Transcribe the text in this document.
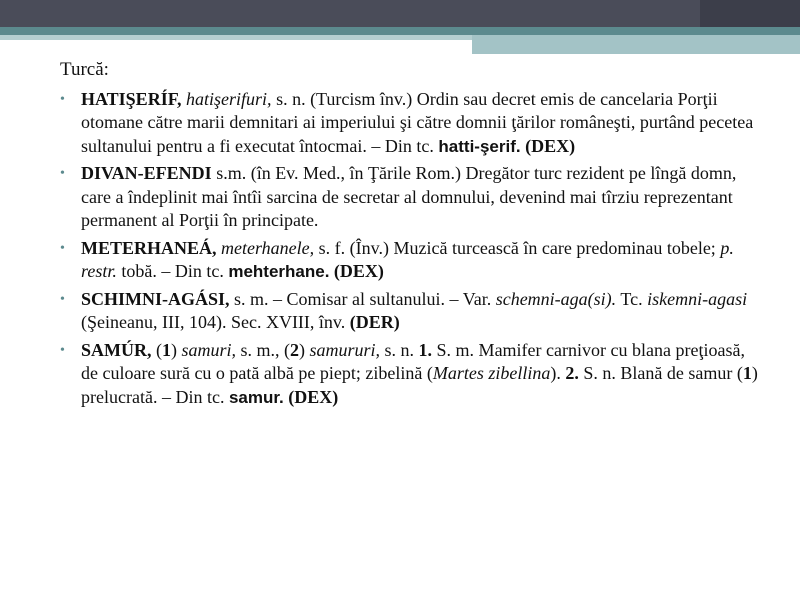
Turcă:
• HATIŞERÍF, hatişerifuri, s. n. (Turcism înv.) Ordin sau decret emis de cancelaria Porţii otomane către marii demnitari ai imperiului şi către domnii ţărilor româneşti, purtând pecetea sultanului pentru a fi executat întocmai. – Din tc. hatti-şerif. (DEX)
• DIVAN-EFENDI s.m. (în Ev. Med., în Ţările Rom.) Dregător turc rezident pe lîngă domn, care a îndeplinit mai întîi sarcina de secretar al domnului, devenind mai tîrziu reprezentant permanent al Porţii în principate.
• METERHANEÁ, meterhanele, s. f. (Înv.) Muzică turcească în care predominau tobele; p. restr. tobă. – Din tc. mehterhane. (DEX)
• SCHIMNI-AGÁSI, s. m. – Comisar al sultanului. – Var. schemni-aga(si). Tc. iskemni-agasi (Şeineanu, III, 104). Sec. XVIII, înv. (DER)
• SAMÚR, (1) samuri, s. m., (2) samururi, s. n. 1. S. m. Mamifer carnivor cu blana preţioasă, de culoare sură cu o pată albă pe piept; zibelină (Martes zibellina). 2. S. n. Blană de samur (1) prelucrată. – Din tc. samur. (DEX)
